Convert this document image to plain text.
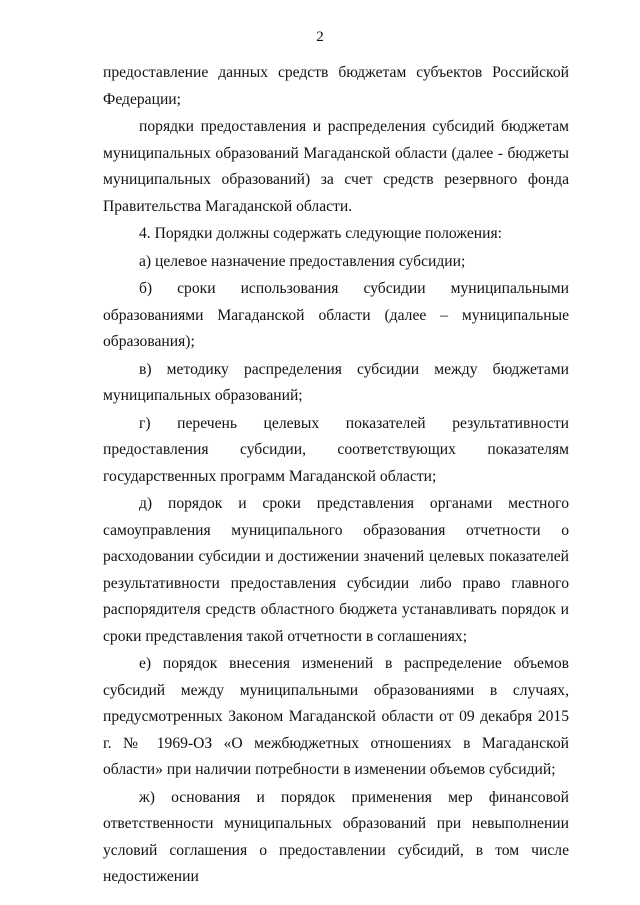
2

предоставление данных средств бюджетам субъектов Российской Федерации;

порядки предоставления и распределения субсидий бюджетам муниципальных образований Магаданской области (далее - бюджеты муниципальных образований) за счет средств резервного фонда Правительства Магаданской области.

4. Порядки должны содержать следующие положения:

а) целевое назначение предоставления субсидии;

б) сроки использования субсидии муниципальными образованиями Магаданской области (далее – муниципальные образования);

в) методику распределения субсидии между бюджетами муниципальных образований;

г) перечень целевых показателей результативности предоставления субсидии, соответствующих показателям государственных программ Магаданской области;

д) порядок и сроки представления органами местного самоуправления муниципального образования отчетности о расходовании субсидии и достижении значений целевых показателей результативности предоставления субсидии либо право главного распорядителя средств областного бюджета устанавливать порядок и сроки представления такой отчетности в соглашениях;

е) порядок внесения изменений в распределение объемов субсидий между муниципальными образованиями в случаях, предусмотренных Законом Магаданской области от 09 декабря 2015 г. № 1969-ОЗ «О межбюджетных отношениях в Магаданской области» при наличии потребности в изменении объемов субсидий;

ж) основания и порядок применения мер финансовой ответственности муниципальных образований при невыполнении условий соглашения о предоставлении субсидий, в том числе недостижении
